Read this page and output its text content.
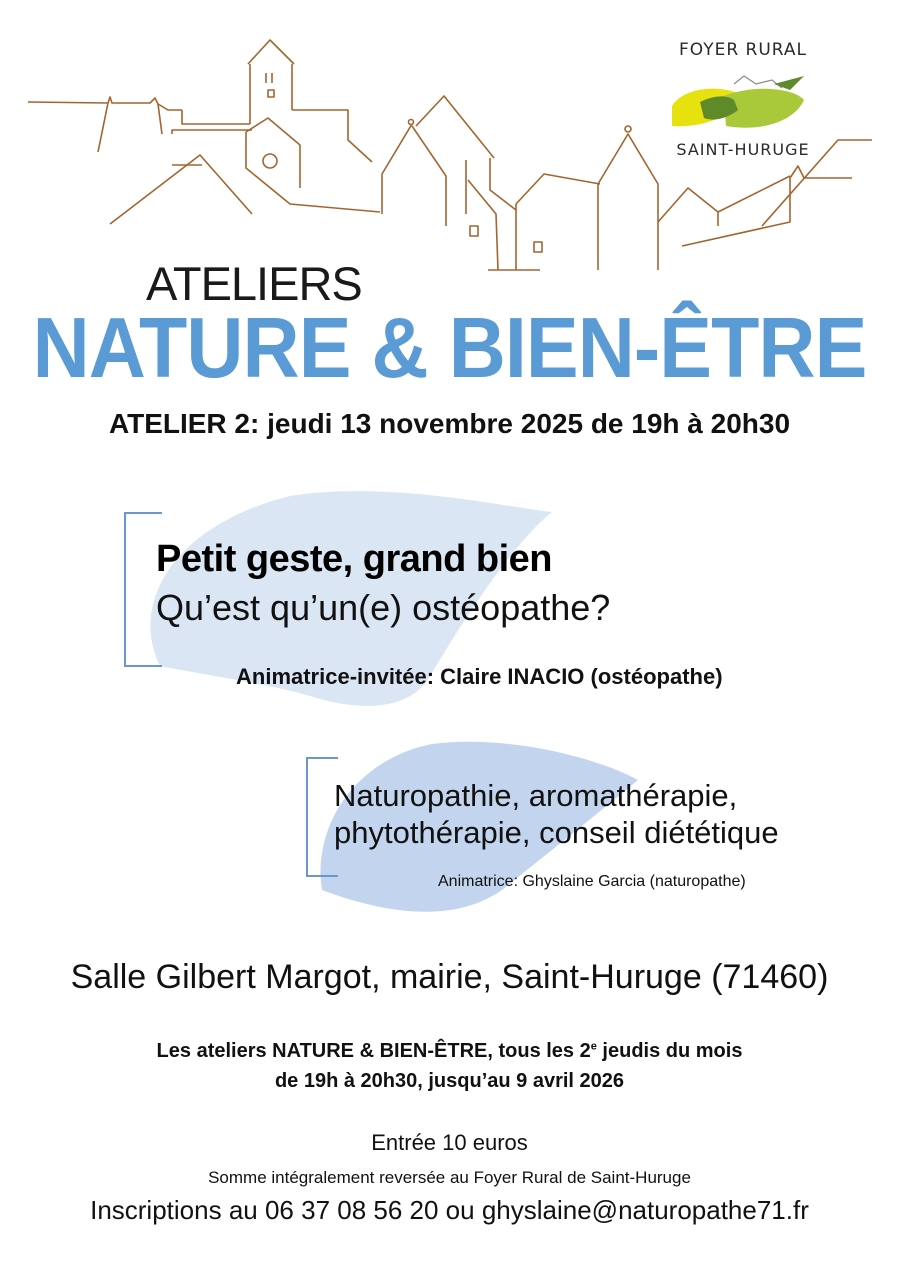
FOYER RURAL
SAINT-HURUGE
ATELIERS
NATURE & BIEN-ÊTRE
ATELIER 2: jeudi 13 novembre 2025 de 19h à 20h30
Petit geste, grand bien
Qu’est qu’un(e) ostéopathe?
Animatrice-invitée: Claire INACIO (ostéopathe)
Naturopathie, aromathérapie,
phytothérapie, conseil diététique
Animatrice: Ghyslaine Garcia (naturopathe)
Salle Gilbert Margot, mairie, Saint-Huruge (71460)
Les ateliers NATURE & BIEN-ÊTRE, tous les 2e jeudis du mois
de 19h à 20h30, jusqu’au 9 avril 2026
Entrée 10 euros
Somme intégralement reversée au Foyer Rural de Saint-Huruge
Inscriptions au 06 37 08 56 20 ou ghyslaine@naturopathe71.fr
